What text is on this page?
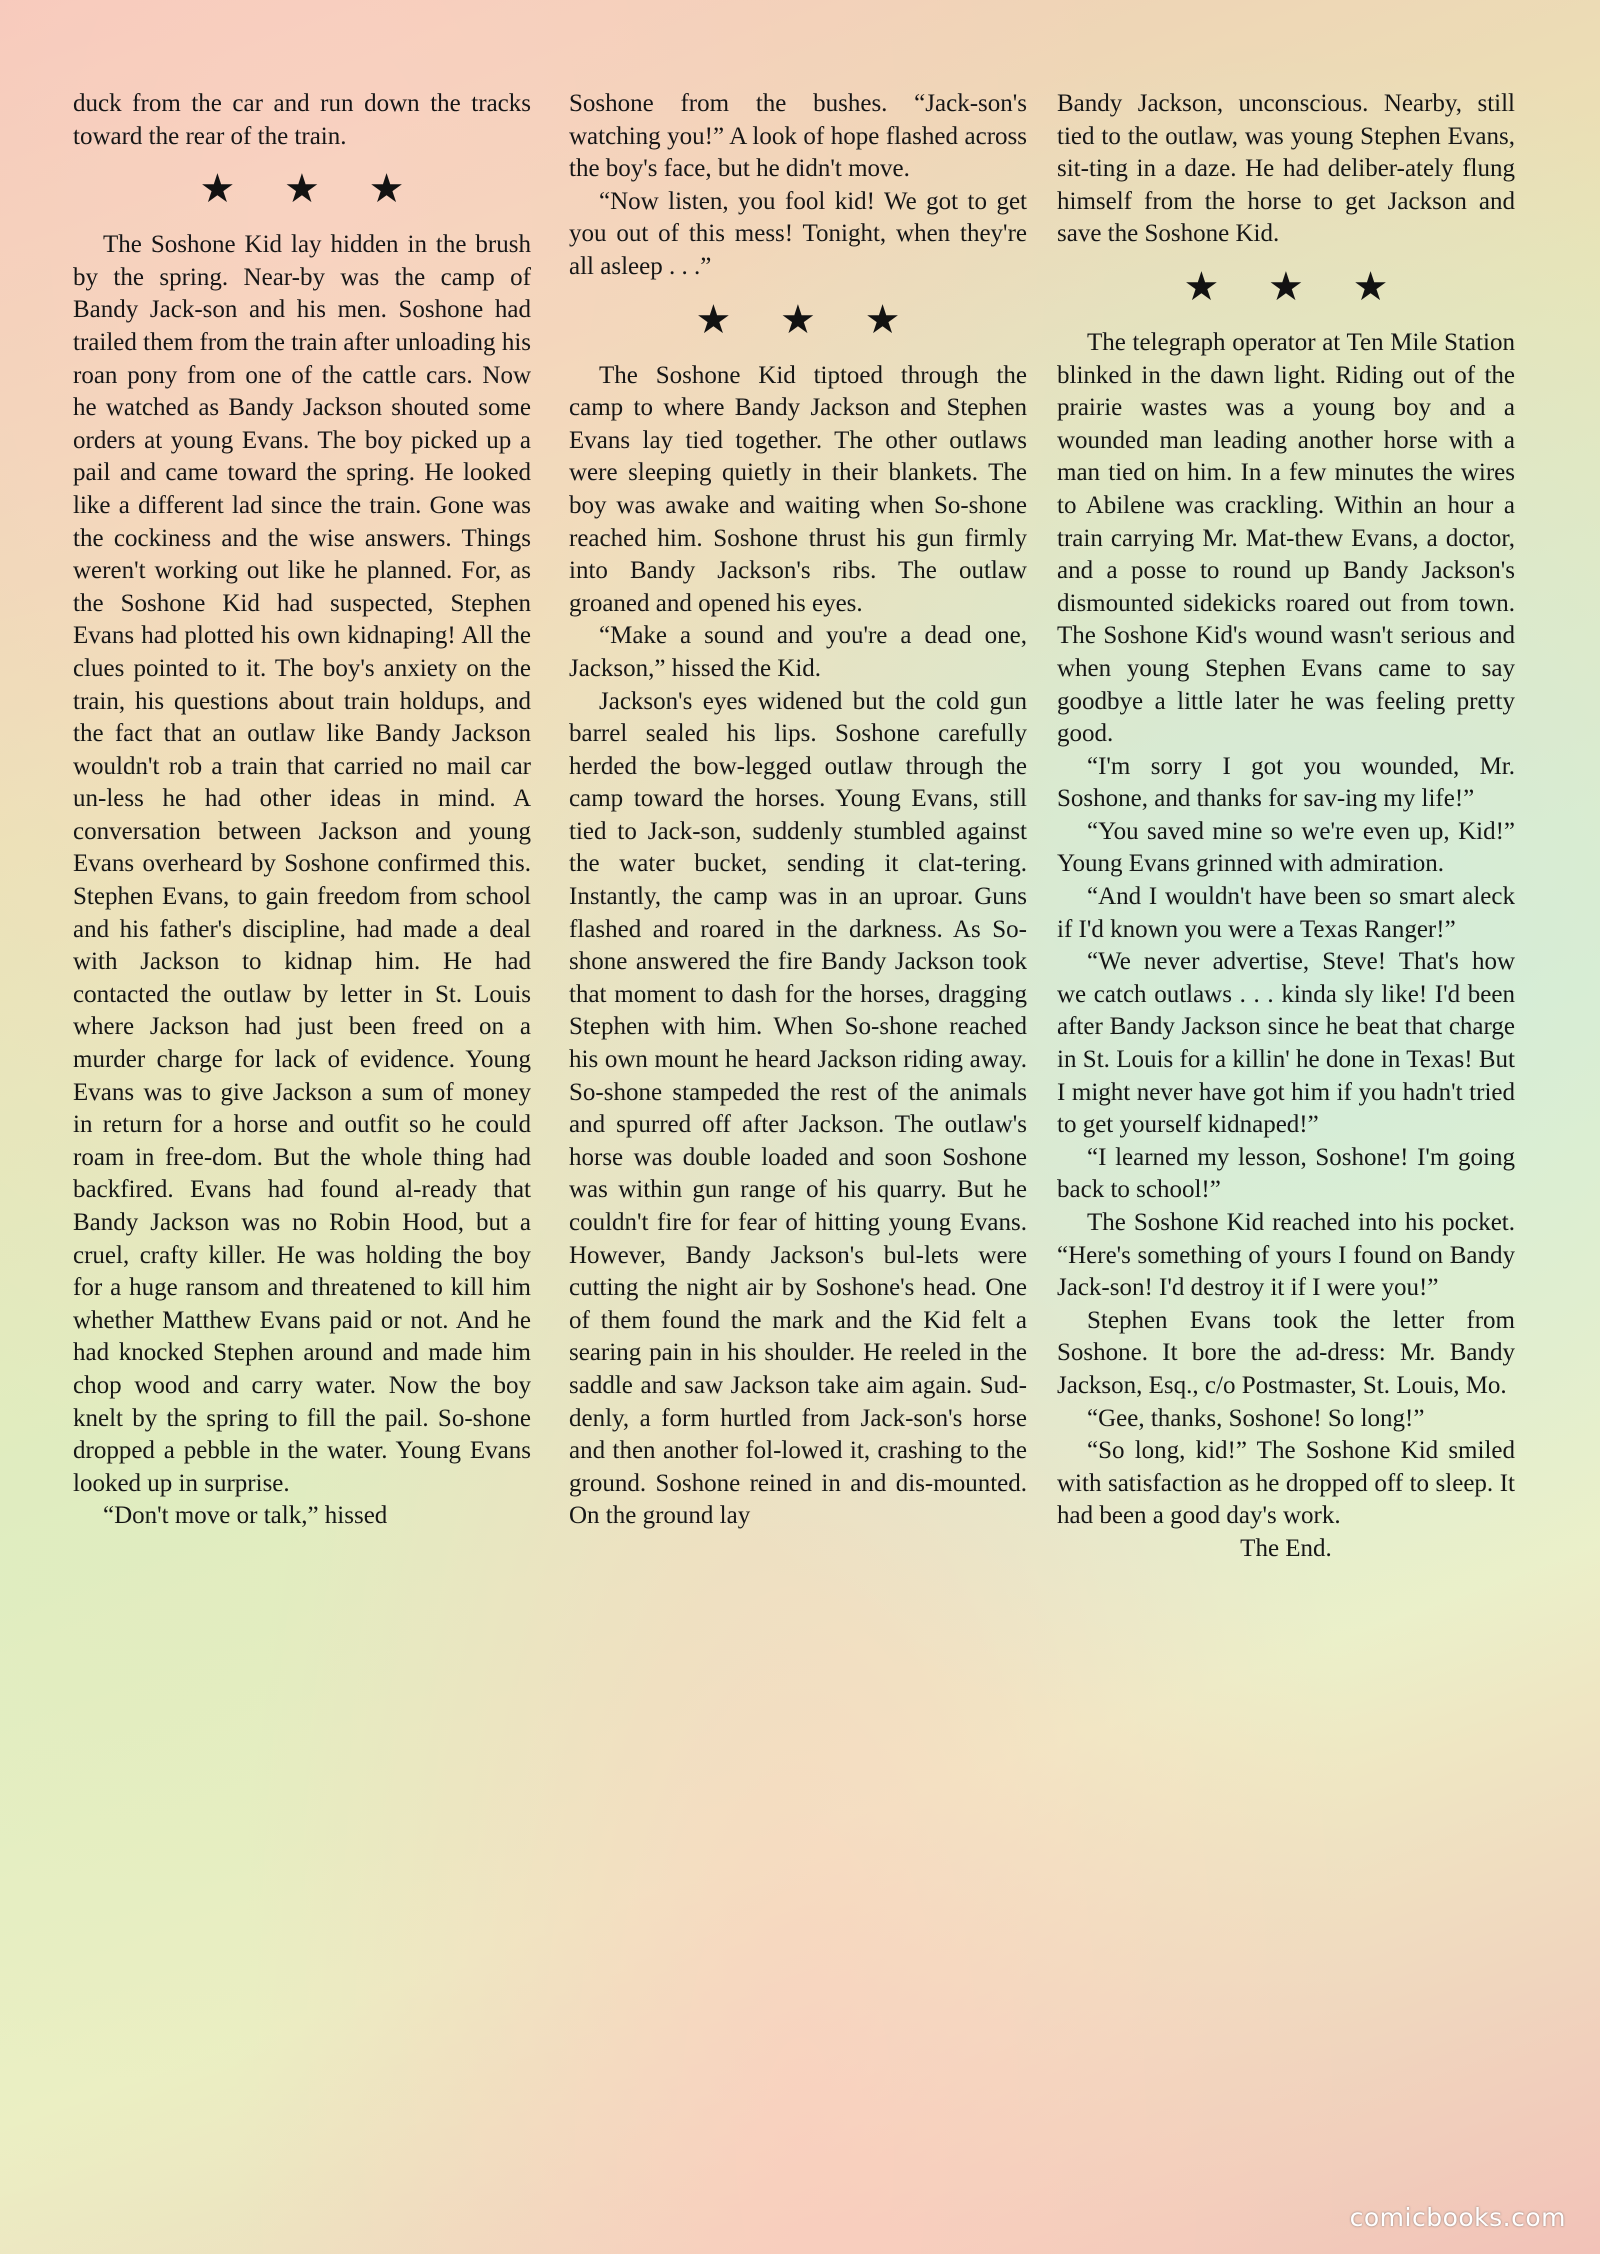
duck from the car and run down the tracks toward the rear of the train.

★ ★ ★

The Soshone Kid lay hidden in the brush by the spring. Near-by was the camp of Bandy Jack-son and his men. Soshone had trailed them from the train after unloading his roan pony from one of the cattle cars. Now he watched as Bandy Jackson shouted some orders at young Evans. The boy picked up a pail and came toward the spring. He looked like a different lad since the train. Gone was the cockiness and the wise answers. Things weren't working out like he planned. For, as the Soshone Kid had suspected, Stephen Evans had plotted his own kidnaping! All the clues pointed to it. The boy's anxiety on the train, his questions about train holdups, and the fact that an outlaw like Bandy Jackson wouldn't rob a train that carried no mail car un-less he had other ideas in mind. A conversation between Jackson and young Evans overheard by Soshone confirmed this. Stephen Evans, to gain freedom from school and his father's discipline, had made a deal with Jackson to kidnap him. He had contacted the outlaw by letter in St. Louis where Jackson had just been freed on a murder charge for lack of evidence. Young Evans was to give Jackson a sum of money in return for a horse and outfit so he could roam in free-dom. But the whole thing had backfired. Evans had found al-ready that Bandy Jackson was no Robin Hood, but a cruel, crafty killer. He was holding the boy for a huge ransom and threatened to kill him whether Matthew Evans paid or not. And he had knocked Stephen around and made him chop wood and carry water. Now the boy knelt by the spring to fill the pail. So-shone dropped a pebble in the water. Young Evans looked up in surprise.

“Don't move or talk,” hissed

Soshone from the bushes. “Jack-son's watching you!” A look of hope flashed across the boy's face, but he didn't move.

“Now listen, you fool kid! We got to get you out of this mess! Tonight, when they're all asleep . . .”

★ ★ ★

The Soshone Kid tiptoed through the camp to where Bandy Jackson and Stephen Evans lay tied together. The other outlaws were sleeping quietly in their blankets. The boy was awake and waiting when So-shone reached him. Soshone thrust his gun firmly into Bandy Jackson's ribs. The outlaw groaned and opened his eyes.

“Make a sound and you're a dead one, Jackson,” hissed the Kid.

Jackson's eyes widened but the cold gun barrel sealed his lips. Soshone carefully herded the bow-legged outlaw through the camp toward the horses. Young Evans, still tied to Jack-son, suddenly stumbled against the water bucket, sending it clat-tering. Instantly, the camp was in an uproar. Guns flashed and roared in the darkness. As So-shone answered the fire Bandy Jackson took that moment to dash for the horses, dragging Stephen with him. When So-shone reached his own mount he heard Jackson riding away. So-shone stampeded the rest of the animals and spurred off after Jackson. The outlaw's horse was double loaded and soon Soshone was within gun range of his quarry. But he couldn't fire for fear of hitting young Evans. However, Bandy Jackson's bul-lets were cutting the night air by Soshone's head. One of them found the mark and the Kid felt a searing pain in his shoulder. He reeled in the saddle and saw Jackson take aim again. Sud-denly, a form hurtled from Jack-son's horse and then another fol-lowed it, crashing to the ground. Soshone reined in and dis-mounted. On the ground lay

Bandy Jackson, unconscious. Nearby, still tied to the outlaw, was young Stephen Evans, sit-ting in a daze. He had deliber-ately flung himself from the horse to get Jackson and save the Soshone Kid.

★ ★ ★

The telegraph operator at Ten Mile Station blinked in the dawn light. Riding out of the prairie wastes was a young boy and a wounded man leading another horse with a man tied on him. In a few minutes the wires to Abilene was crackling. Within an hour a train carrying Mr. Mat-thew Evans, a doctor, and a posse to round up Bandy Jackson's dismounted sidekicks roared out from town. The Soshone Kid's wound wasn't serious and when young Stephen Evans came to say goodbye a little later he was feeling pretty good.

“I'm sorry I got you wounded, Mr. Soshone, and thanks for sav-ing my life!”

“You saved mine so we're even up, Kid!” Young Evans grinned with admiration.

“And I wouldn't have been so smart aleck if I'd known you were a Texas Ranger!”

“We never advertise, Steve! That's how we catch outlaws . . . kinda sly like! I'd been after Bandy Jackson since he beat that charge in St. Louis for a killin' he done in Texas! But I might never have got him if you hadn't tried to get yourself kidnaped!”

“I learned my lesson, Soshone! I'm going back to school!”

The Soshone Kid reached into his pocket. “Here's something of yours I found on Bandy Jack-son! I'd destroy it if I were you!”

Stephen Evans took the letter from Soshone. It bore the ad-dress: Mr. Bandy Jackson, Esq., c/o Postmaster, St. Louis, Mo.

“Gee, thanks, Soshone! So long!”

“So long, kid!” The Soshone Kid smiled with satisfaction as he dropped off to sleep. It had been a good day's work.

The End.

comicbooks.com
